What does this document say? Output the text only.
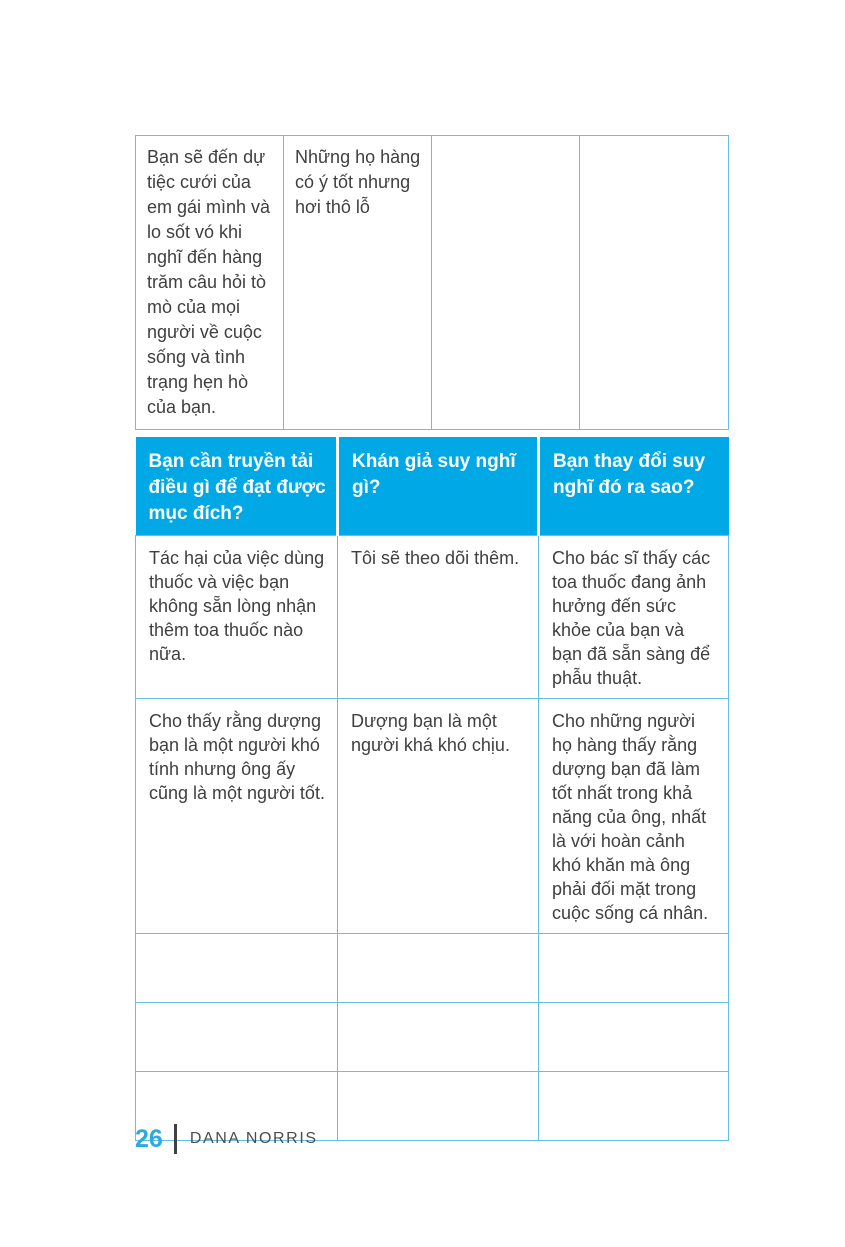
Bạn sẽ đến dự tiệc cưới của em gái mình và lo sốt vó khi nghĩ đến hàng trăm câu hỏi tò mò của mọi người về cuộc sống và tình trạng hẹn hò của bạn.	Những họ hàng có ý tốt nhưng hơi thô lỗ		
Bạn cần truyền tải điều gì để đạt được mục đích?	Khán giả suy nghĩ gì?	Bạn thay đổi suy nghĩ đó ra sao?
Tác hại của việc dùng thuốc và việc bạn không sẵn lòng nhận thêm toa thuốc nào nữa.	Tôi sẽ theo dõi thêm.	Cho bác sĩ thấy các toa thuốc đang ảnh hưởng đến sức khỏe của bạn và bạn đã sẵn sàng để phẫu thuật.
Cho thấy rằng dượng bạn là một người khó tính nhưng ông ấy cũng là một người tốt.	Dượng bạn là một người khá khó chịu.	Cho những người họ hàng thấy rằng dượng bạn đã làm tốt nhất trong khả năng của ông, nhất là với hoàn cảnh khó khăn mà ông phải đối mặt trong cuộc sống cá nhân.

26 DANA NORRIS
